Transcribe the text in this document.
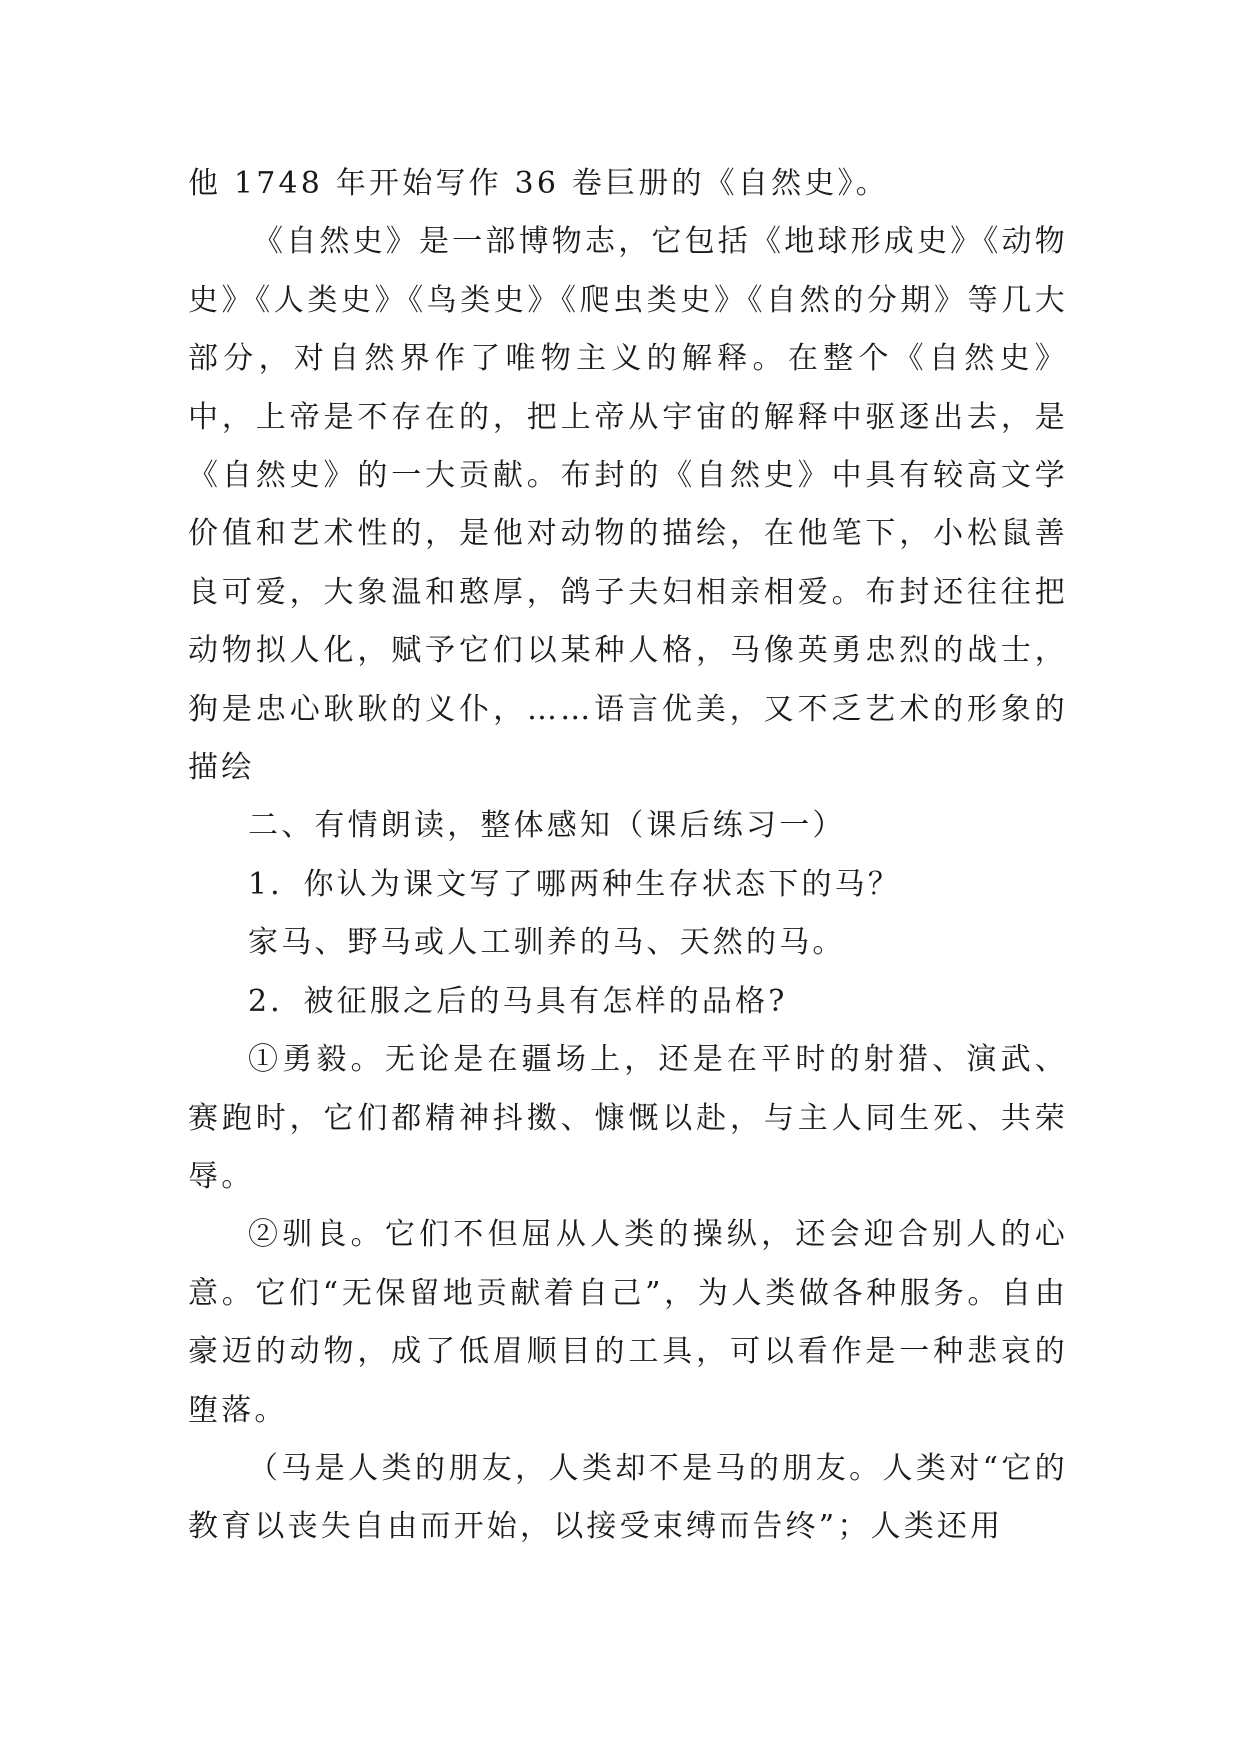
他 1748 年开始写作 36 卷巨册的《自然史》。

《自然史》是一部博物志，它包括《地球形成史》《动物史》《人类史》《鸟类史》《爬虫类史》《自然的分期》等几大部分，对自然界作了唯物主义的解释。在整个《自然史》中，上帝是不存在的，把上帝从宇宙的解释中驱逐出去，是《自然史》的一大贡献。布封的《自然史》中具有较高文学价值和艺术性的，是他对动物的描绘，在他笔下，小松鼠善良可爱，大象温和憨厚，鸽子夫妇相亲相爱。布封还往往把动物拟人化，赋予它们以某种人格，马像英勇忠烈的战士，狗是忠心耿耿的义仆，……语言优美，又不乏艺术的形象的描绘

二、有情朗读，整体感知（课后练习一）

1．你认为课文写了哪两种生存状态下的马？

家马、野马或人工驯养的马、天然的马。

2．被征服之后的马具有怎样的品格?

①勇毅。无论是在疆场上，还是在平时的射猎、演武、赛跑时，它们都精神抖擞、慷慨以赴，与主人同生死、共荣辱。

②驯良。它们不但屈从人类的操纵，还会迎合别人的心意。它们“无保留地贡献着自己”，为人类做各种服务。自由豪迈的动物，成了低眉顺目的工具，可以看作是一种悲哀的堕落。

（马是人类的朋友，人类却不是马的朋友。人类对“它的教育以丧失自由而开始，以接受束缚而告终”；人类还用
